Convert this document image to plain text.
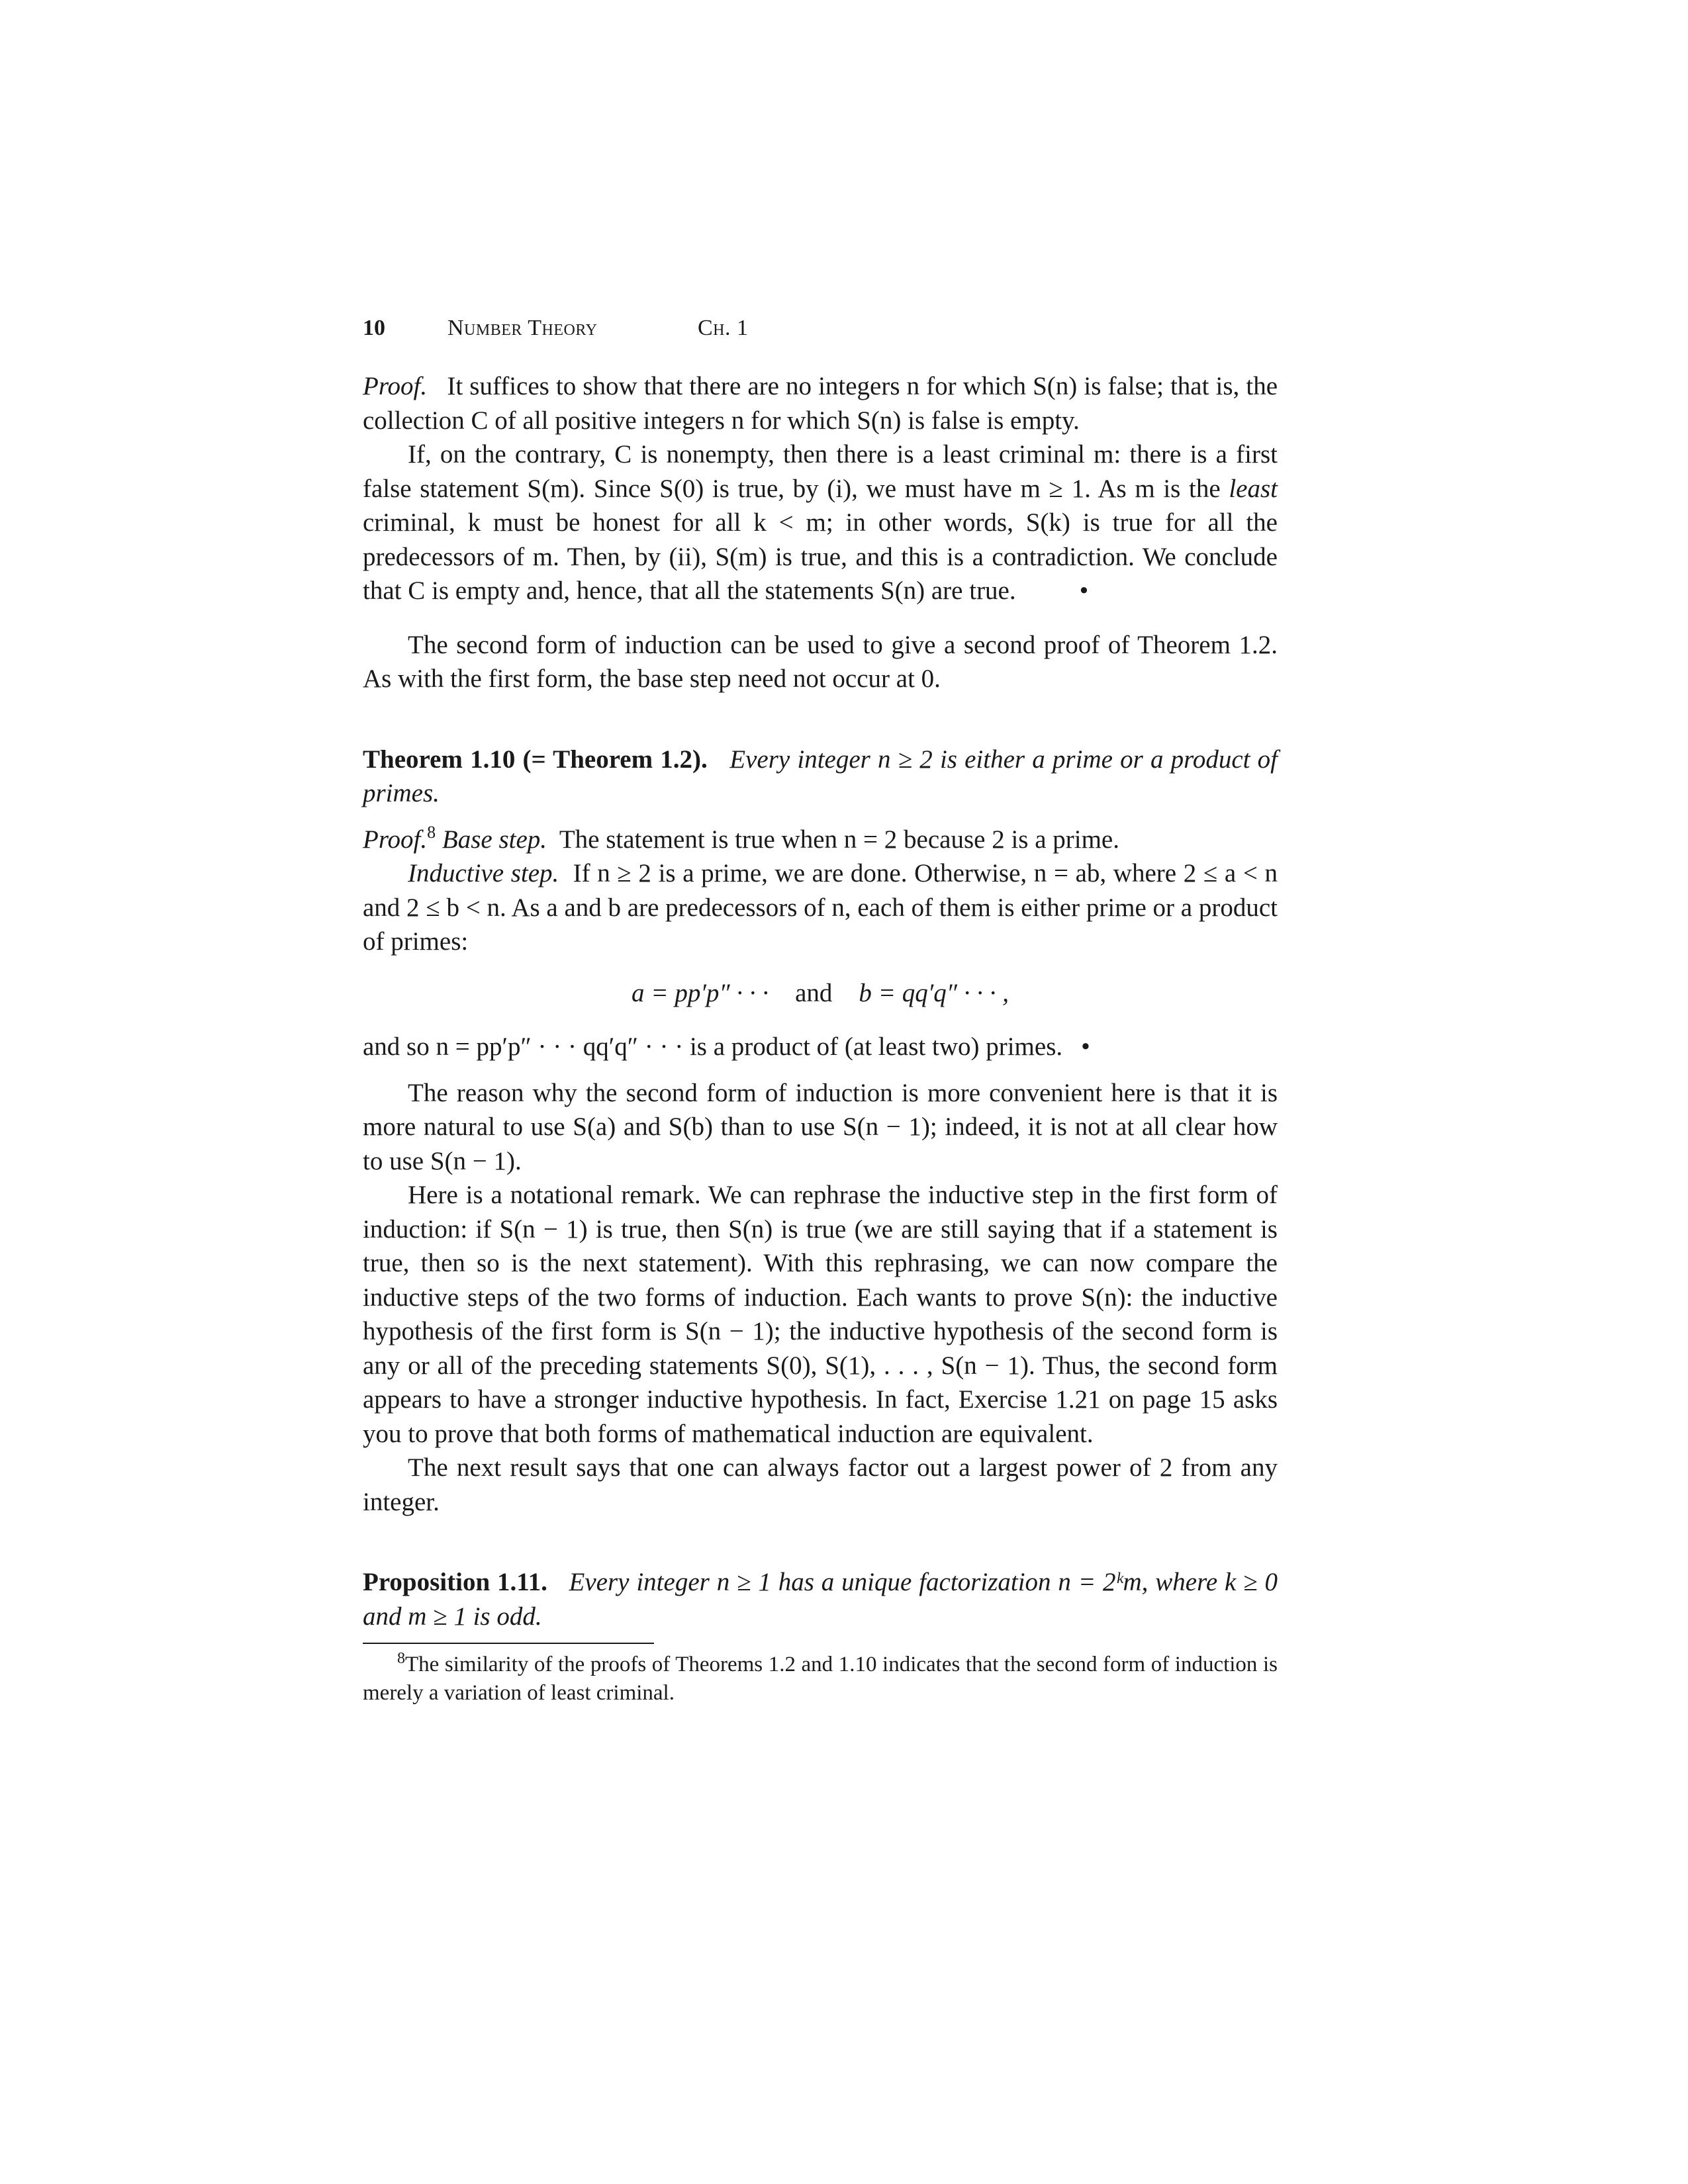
10	Number Theory	Ch. 1

Proof. It suffices to show that there are no integers n for which S(n) is false; that is, the collection C of all positive integers n for which S(n) is false is empty.

If, on the contrary, C is nonempty, then there is a least criminal m: there is a first false statement S(m). Since S(0) is true, by (i), we must have m ≥ 1. As m is the least criminal, k must be honest for all k < m; in other words, S(k) is true for all the predecessors of m. Then, by (ii), S(m) is true, and this is a contradiction. We conclude that C is empty and, hence, that all the statements S(n) are true. •

The second form of induction can be used to give a second proof of Theorem 1.2. As with the first form, the base step need not occur at 0.

Theorem 1.10 (= Theorem 1.2). Every integer n ≥ 2 is either a prime or a product of primes.

Proof.$^8$ Base step. The statement is true when n = 2 because 2 is a prime.

Inductive step. If n ≥ 2 is a prime, we are done. Otherwise, n = ab, where 2 ≤ a < n and 2 ≤ b < n. As a and b are predecessors of n, each of them is either prime or a product of primes:

a = pp′p″ · · · and b = qq′q″ · · · ,

and so n = pp′p″ · · · qq′q″ · · · is a product of (at least two) primes. •

The reason why the second form of induction is more convenient here is that it is more natural to use S(a) and S(b) than to use S(n − 1); indeed, it is not at all clear how to use S(n − 1).

Here is a notational remark. We can rephrase the inductive step in the first form of induction: if S(n − 1) is true, then S(n) is true (we are still saying that if a statement is true, then so is the next statement). With this rephrasing, we can now compare the inductive steps of the two forms of induction. Each wants to prove S(n): the inductive hypothesis of the first form is S(n − 1); the inductive hypothesis of the second form is any or all of the preceding statements S(0), S(1), . . . , S(n − 1). Thus, the second form appears to have a stronger inductive hypothesis. In fact, Exercise 1.21 on page 15 asks you to prove that both forms of mathematical induction are equivalent.

The next result says that one can always factor out a largest power of 2 from any integer.

Proposition 1.11. Every integer n ≥ 1 has a unique factorization n = 2ᵏm, where k ≥ 0 and m ≥ 1 is odd.

$^8$The similarity of the proofs of Theorems 1.2 and 1.10 indicates that the second form of induction is merely a variation of least criminal.
